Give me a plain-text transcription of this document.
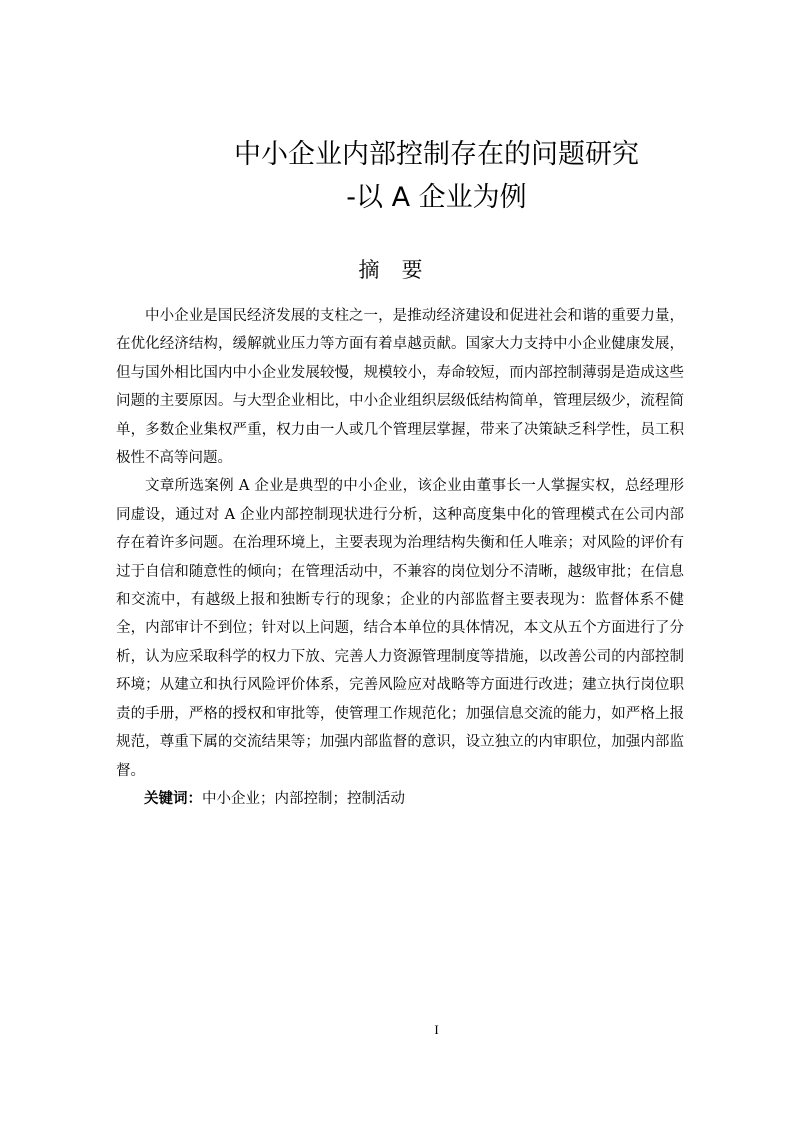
中小企业内部控制存在的问题研究
-以 A 企业为例
摘要

中小企业是国民经济发展的支柱之一，是推动经济建设和促进社会和谐的重要力量，在优化经济结构，缓解就业压力等方面有着卓越贡献。国家大力支持中小企业健康发展，但与国外相比国内中小企业发展较慢，规模较小，寿命较短，而内部控制薄弱是造成这些问题的主要原因。与大型企业相比，中小企业组织层级低结构简单，管理层级少，流程简单，多数企业集权严重，权力由一人或几个管理层掌握，带来了决策缺乏科学性，员工积极性不高等问题。

文章所选案例 A 企业是典型的中小企业，该企业由董事长一人掌握实权，总经理形同虚设，通过对 A 企业内部控制现状进行分析，这种高度集中化的管理模式在公司内部存在着许多问题。在治理环境上，主要表现为治理结构失衡和任人唯亲；对风险的评价有过于自信和随意性的倾向；在管理活动中，不兼容的岗位划分不清晰，越级审批；在信息和交流中，有越级上报和独断专行的现象；企业的内部监督主要表现为：监督体系不健全，内部审计不到位；针对以上问题，结合本单位的具体情况，本文从五个方面进行了分析，认为应采取科学的权力下放、完善人力资源管理制度等措施，以改善公司的内部控制环境；从建立和执行风险评价体系，完善风险应对战略等方面进行改进；建立执行岗位职责的手册，严格的授权和审批等，使管理工作规范化；加强信息交流的能力，如严格上报规范，尊重下属的交流结果等；加强内部监督的意识，设立独立的内审职位，加强内部监督。

关键词：中小企业；内部控制；控制活动
I
